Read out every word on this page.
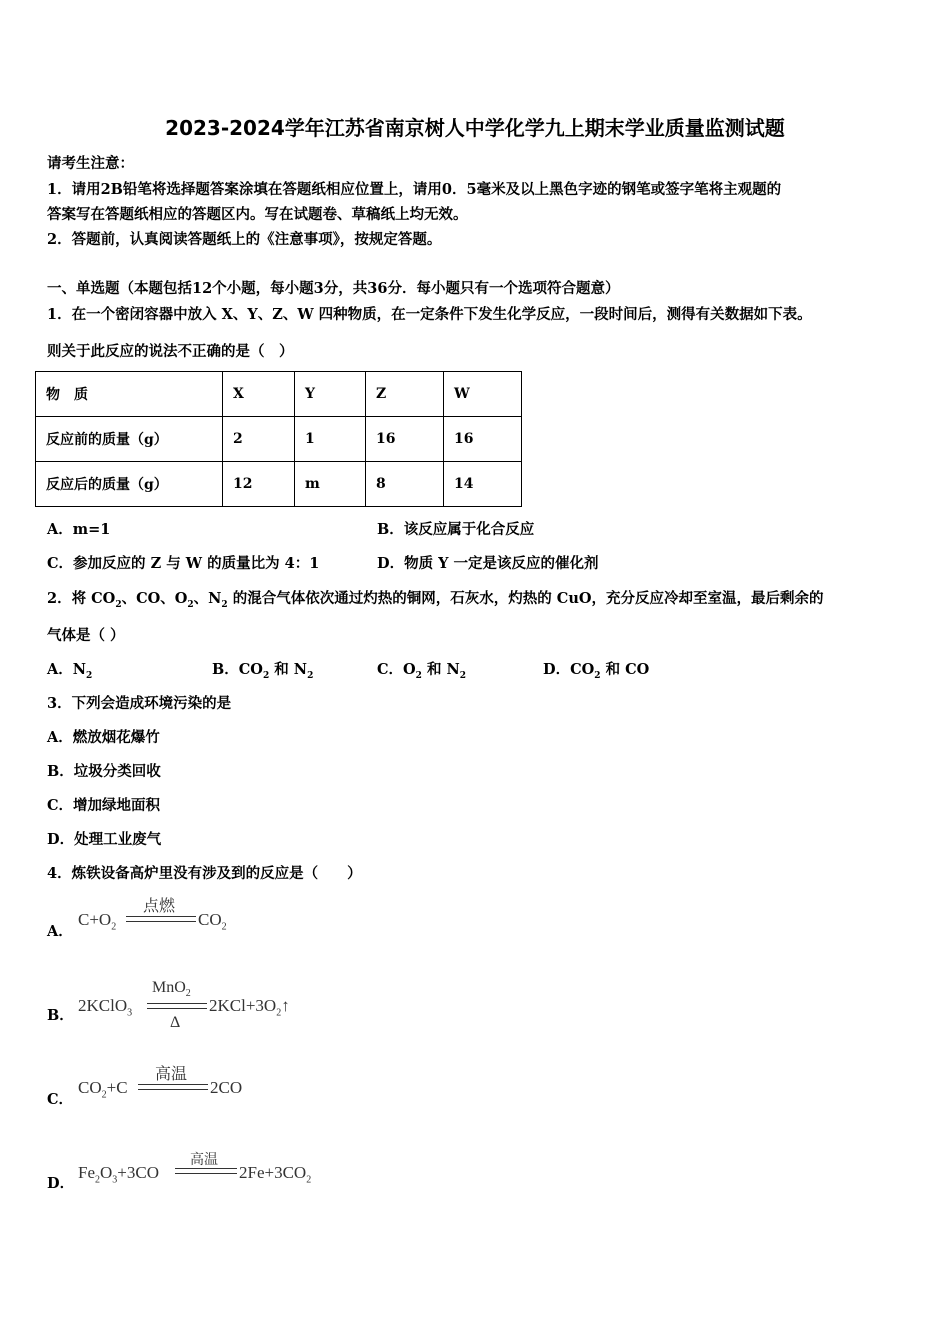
2023-2024学年江苏省南京树人中学化学九上期末学业质量监测试题
请考生注意：
1．请用2B铅笔将选择题答案涂填在答题纸相应位置上，请用0．5毫米及以上黑色字迹的钢笔或签字笔将主观题的
答案写在答题纸相应的答题区内。写在试题卷、草稿纸上均无效。
2．答题前，认真阅读答题纸上的《注意事项》，按规定答题。
一、单选题（本题包括12个小题，每小题3分，共36分．每小题只有一个选项符合题意）
1．在一个密闭容器中放入 X、Y、Z、W 四种物质，在一定条件下发生化学反应，一段时间后，测得有关数据如下表。
则关于此反应的说法不正确的是（　）
物　质	X	Y	Z	W
反应前的质量（g）	2	1	16	16
反应后的质量（g）	12	m	8	14
A．m=1	B．该反应属于化合反应
C．参加反应的 Z 与 W 的质量比为 4：1	D．物质 Y 一定是该反应的催化剂
2．将 $CO_2$、CO、$O_2$、$N_2$ 的混合气体依次通过灼热的铜网，石灰水，灼热的 CuO，充分反应冷却至室温，最后剩余的
气体是（ ）
A．$N_2$	B．$CO_2$ 和 $N_2$	C．$O_2$ 和 $N_2$	D．$CO_2$ 和 CO
3．下列会造成环境污染的是
A．燃放烟花爆竹
B．垃圾分类回收
C．增加绿地面积
D．处理工业废气
4．炼铁设备高炉里没有涉及到的反应是（　　）
A．
$C+O_2$
点燃
$CO_2$
B．
2KClO$_3$
MnO$_2$
Δ
$2KCl+3O_2↑$
C．
$CO_2+C$
高温
2CO
D．
$Fe_2O_3+3CO$
高温
$2Fe+3CO_2$
